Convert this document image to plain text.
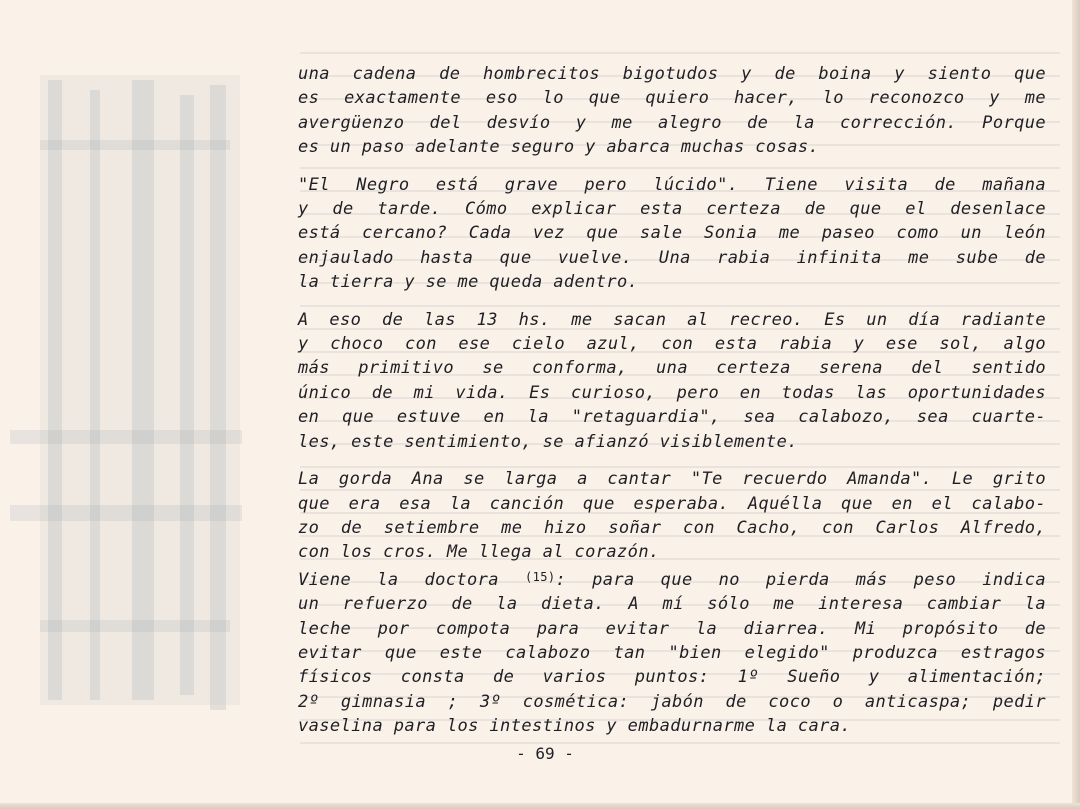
una cadena de hombrecitos bigotudos y de boina y siento que
es exactamente eso lo que quiero hacer, lo reconozco y me
avergüenzo del desvío y me alegro de la corrección. Porque
es un paso adelante seguro y abarca muchas cosas.
"El Negro está grave pero lúcido". Tiene visita de mañana
y de tarde. Cómo explicar esta certeza de que el desenlace
está cercano? Cada vez que sale Sonia me paseo como un león
enjaulado hasta que vuelve. Una rabia infinita me sube de
la tierra y se me queda adentro.
A eso de las 13 hs. me sacan al recreo. Es un día radiante
y choco con ese cielo azul, con esta rabia y ese sol, algo
más primitivo se conforma, una certeza serena del sentido
único de mi vida. Es curioso, pero en todas las oportunidades
en que estuve en la "retaguardia", sea calabozo, sea cuarte-
les, este sentimiento, se afianzó visiblemente.
La gorda Ana se larga a cantar "Te recuerdo Amanda". Le grito
que era esa la canción que esperaba. Aquélla que en el calabo-
zo de setiembre me hizo soñar con Cacho, con Carlos Alfredo,
con los cros. Me llega al corazón.
Viene la doctora $^{(15)}$: para que no pierda más peso indica
un refuerzo de la dieta. A mí sólo me interesa cambiar la
leche por compota para evitar la diarrea. Mi propósito de
evitar que este calabozo tan "bien elegido" produzca estragos
físicos consta de varios puntos: 1º Sueño y alimentación;
2º gimnasia ; 3º cosmética: jabón de coco o anticaspa; pedir
vaselina para los intestinos y embadurnarme la cara.
- 69 -
